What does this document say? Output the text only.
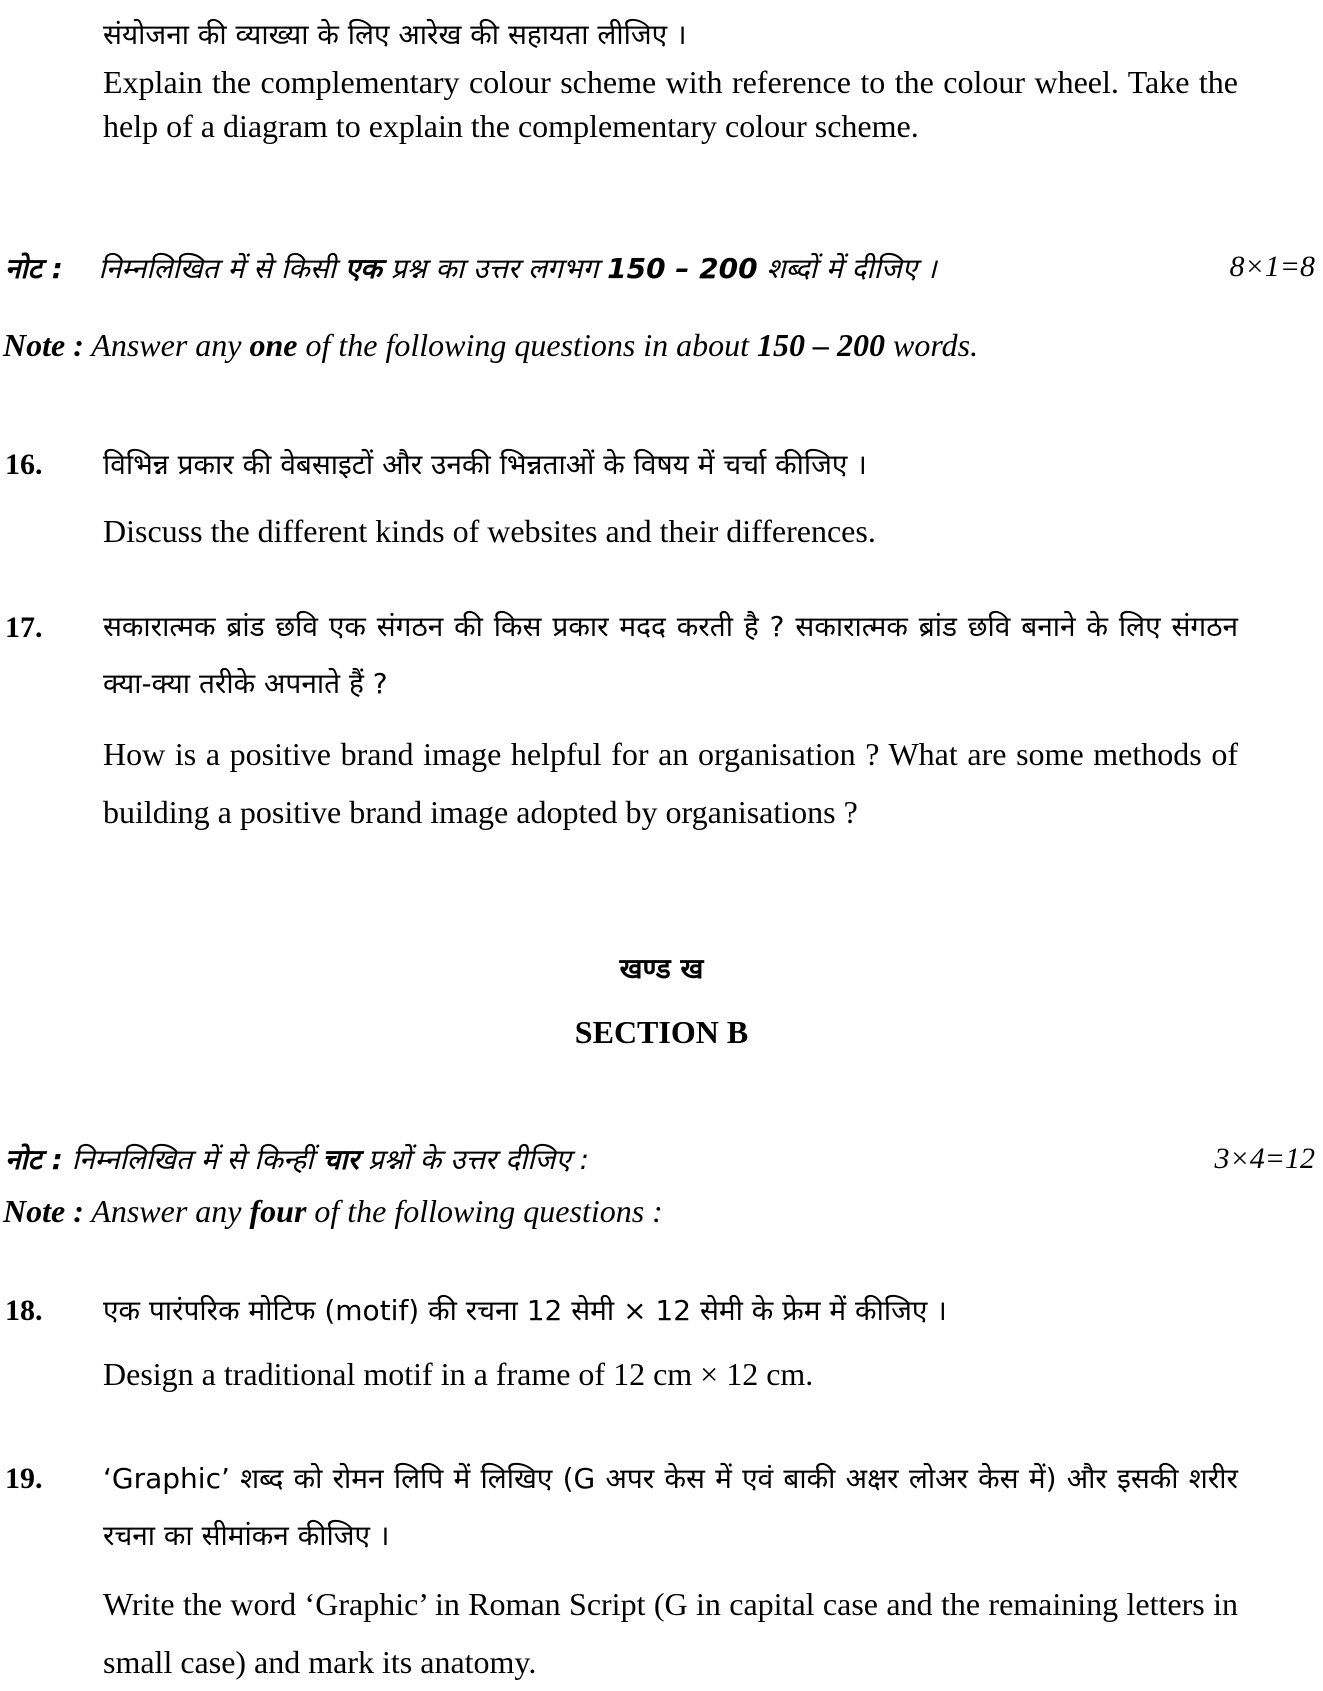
संयोजना की व्याख्या के लिए आरेख की सहायता लीजिए ।
Explain the complementary colour scheme with reference to the colour wheel. Take the help of a diagram to explain the complementary colour scheme.
नोट : निम्नलिखित में से किसी एक प्रश्न का उत्तर लगभग 150 – 200 शब्दों में दीजिए ।	8×1=8
Note : Answer any one of the following questions in about 150 – 200 words.
16. विभिन्न प्रकार की वेबसाइटों और उनकी भिन्नताओं के विषय में चर्चा कीजिए ।
Discuss the different kinds of websites and their differences.
17. सकारात्मक ब्रांड छवि एक संगठन की किस प्रकार मदद करती है ? सकारात्मक ब्रांड छवि बनाने के लिए संगठन क्या-क्या तरीके अपनाते हैं ?
How is a positive brand image helpful for an organisation ? What are some methods of building a positive brand image adopted by organisations ?
खण्ड ख
SECTION B
नोट : निम्नलिखित में से किन्हीं चार प्रश्नों के उत्तर दीजिए :	3×4=12
Note : Answer any four of the following questions :
18. एक पारंपरिक मोटिफ (motif) की रचना 12 सेमी × 12 सेमी के फ्रेम में कीजिए ।
Design a traditional motif in a frame of 12 cm × 12 cm.
19. ‘Graphic’ शब्द को रोमन लिपि में लिखिए (G अपर केस में एवं बाकी अक्षर लोअर केस में) और इसकी शरीर रचना का सीमांकन कीजिए ।
Write the word ‘Graphic’ in Roman Script (G in capital case and the remaining letters in small case) and mark its anatomy.
